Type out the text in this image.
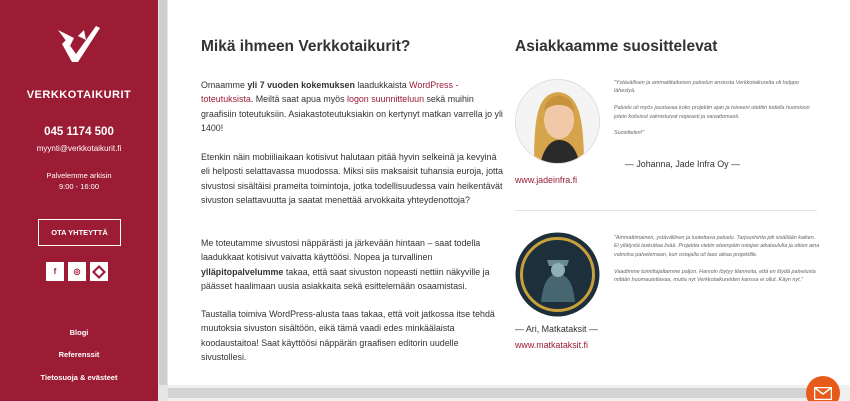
VERKKOTAIKURIT
045 1174 500
myynti@verkkotaikurit.fi
Palvelemme arkisin
9:00 - 16:00
OTA YHTEYTTÄ
f	◎
Blogi
Referenssit
Tietosuoja & evästeet
Mikä ihmeen Verkkotaikurit?	Asiakkaamme suosittelevat
Omaamme yli 7 vuoden kokemuksen laadukkaista WordPress -toteutuksista. Meiltä saat apua myös logon suunnitteluun sekä muihin graafisiin toteutuksiin. Asiakastoteutuksiakin on kertynyt matkan varrella jo yli 1400!
Etenkin näin mobiiliaikaan kotisivut halutaan pitää hyvin selkeinä ja kevyinä eli helposti selattavassa muodossa. Miksi siis maksaisit tuhansia euroja, jotta sivustosi sisältäisi prameita toimintoja, jotka todellisuudessa vain heikentävät sivuston selattavuutta ja saatat menettää arvokkaita yhteydenottoja?
Me toteutamme sivustosi näppärästi ja järkevään hintaan – saat todella laadukkaat kotisivut vaivatta käyttöösi. Nopea ja turvallinen ylläpitopalvelumme takaa, että saat sivuston nopeasti nettiin näkyville ja päässet haalimaan uusia asiakkaita sekä esittelemään osaamistasi.
Taustalla toimiva WordPress-alusta taas takaa, että voit jatkossa itse tehdä muutoksia sivuston sisältöön, eikä tämä vaadi edes minkäälaista koodaustaitoa! Saat käyttöösi näppärän graafisen editorin uudelle sivustollesi.

"Ystävällisen ja ammattitaitoisen palvelun ansiosta Verkkotaikureita oli helppo lähestyä.

Palvelu oli myös joustavaa koko projektin ajan ja toiveeni otettiin todella huomioon jotein kotisivut valmistuivat nopeasti ja vaivattomasti.

Suosittelen!"

— Johanna, Jade Infra Oy —
www.jadeinfra.fi

"Ammattimainen, ystävällinen ja luotettava palvelu. Tarjoushinta piti sisällään kaiken. Ei yllätystä laskuttaa lisää. Projektia vietiin eteenpäin ostajan aikataululla ja ottien aina valmiina palvelemaan, kun ostajalla oli taas aikaa projektille.

Vaadimme toimittajaltamme paljon. Harvoin löytyy tilanneita, että en löydä palvelusta mitään huomautettavaa, mutta nyt Verkkotaikureiden kanssa ei ollut. Käyn nyt."

— Ari, Matkataksit —
www.matkataksit.fi
